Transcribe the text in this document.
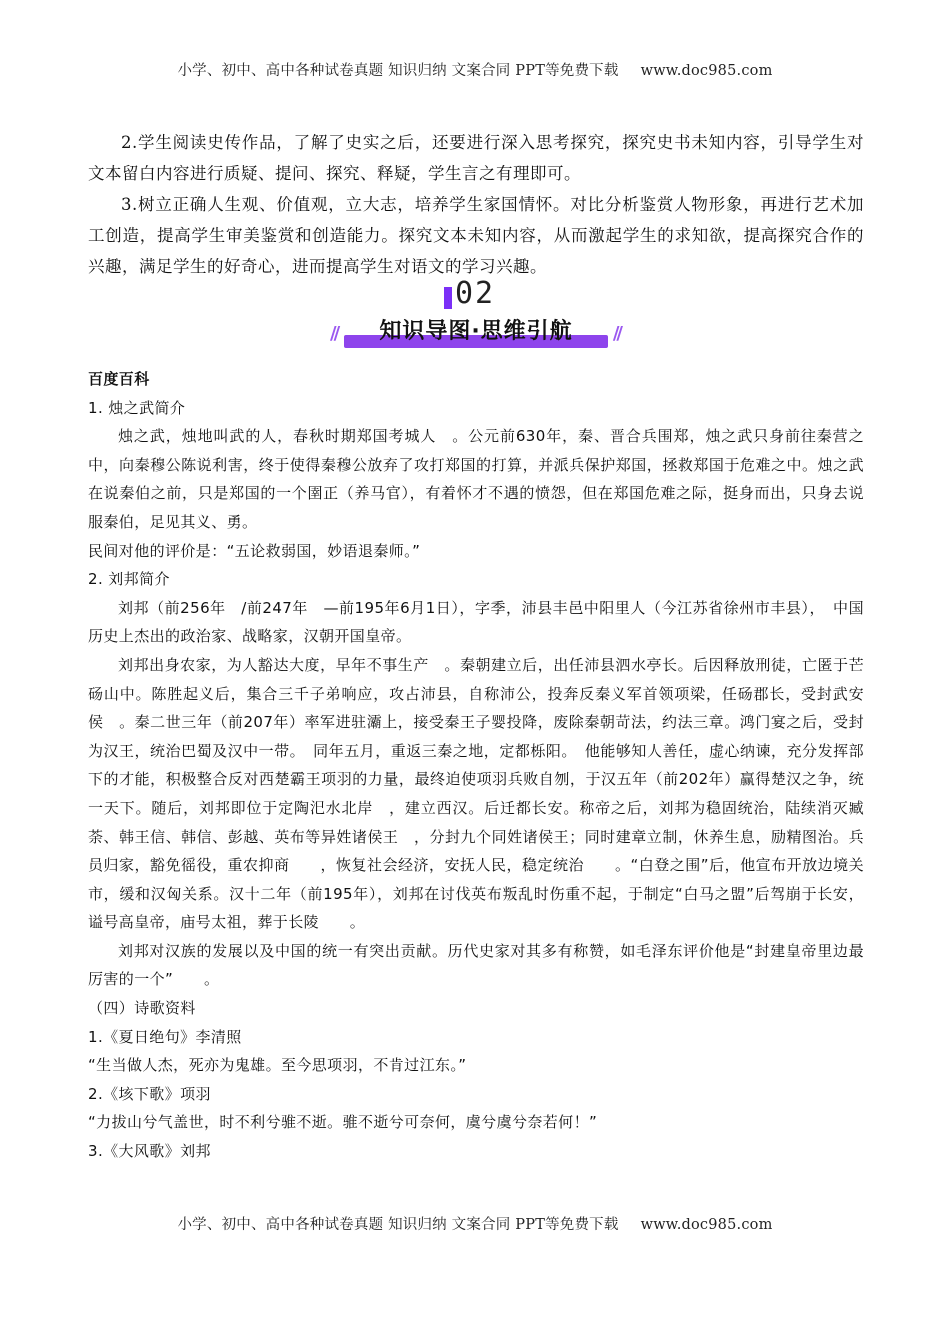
小学、初中、高中各种试卷真题 知识归纳 文案合同 PPT等免费下载 www.doc985.com

2.学生阅读史传作品，了解了史实之后，还要进行深入思考探究，探究史书未知内容，引导学生对文本留白内容进行质疑、提问、探究、释疑，学生言之有理即可。

3.树立正确人生观、价值观，立大志，培养学生家国情怀。对比分析鉴赏人物形象，再进行艺术加工创造，提高学生审美鉴赏和创造能力。探究文本未知内容，从而激起学生的求知欲，提高探究合作的兴趣，满足学生的好奇心，进而提高学生对语文的学习兴趣。

02
//	//
知识导图·思维引航

百度百科

1. 烛之武简介

烛之武，烛地叫武的人，春秋时期郑国考城人　。公元前630年，秦、晋合兵围郑，烛之武只身前往秦营之中，向秦穆公陈说利害，终于使得秦穆公放弃了攻打郑国的打算，并派兵保护郑国，拯救郑国于危难之中。烛之武在说秦伯之前，只是郑国的一个圉正（养马官），有着怀才不遇的愤怨，但在郑国危难之际，挺身而出，只身去说服秦伯，足见其义、勇。

民间对他的评价是：“五论救弱国，妙语退秦师。”

2. 刘邦简介

刘邦（前256年　/前247年　—前195年6月1日），字季，沛县丰邑中阳里人（今江苏省徐州市丰县），　中国历史上杰出的政治家、战略家，汉朝开国皇帝。

刘邦出身农家，为人豁达大度，早年不事生产　。秦朝建立后，出任沛县泗水亭长。后因释放刑徒，亡匿于芒砀山中。陈胜起义后，集合三千子弟响应，攻占沛县，自称沛公，投奔反秦义军首领项梁，任砀郡长，受封武安侯　。秦二世三年（前207年）率军进驻灞上，接受秦王子婴投降，废除秦朝苛法，约法三章。鸿门宴之后，受封为汉王，统治巴蜀及汉中一带。　同年五月，重返三秦之地，定都栎阳。　他能够知人善任，虚心纳谏，充分发挥部下的才能，积极整合反对西楚霸王项羽的力量，最终迫使项羽兵败自刎，于汉五年（前202年）赢得楚汉之争，统一天下。随后，刘邦即位于定陶汜水北岸　，建立西汉。后迁都长安。称帝之后，刘邦为稳固统治，陆续消灭臧荼、韩王信、韩信、彭越、英布等异姓诸侯王　，分封九个同姓诸侯王；同时建章立制，休养生息，励精图治。兵员归家，豁免徭役，重农抑商　　，恢复社会经济，安抚人民，稳定统治　　。“白登之围”后，他宣布开放边境关市，缓和汉匈关系。汉十二年（前195年），刘邦在讨伐英布叛乱时伤重不起，于制定“白马之盟”后驾崩于长安，谥号高皇帝，庙号太祖，葬于长陵　　。

刘邦对汉族的发展以及中国的统一有突出贡献。历代史家对其多有称赞，如毛泽东评价他是“封建皇帝里边最厉害的一个”　　。

（四）诗歌资料

1.《夏日绝句》李清照

“生当做人杰，死亦为鬼雄。至今思项羽，不肯过江东。”

2.《垓下歌》项羽

“力拔山兮气盖世，时不利兮骓不逝。骓不逝兮可奈何，虞兮虞兮奈若何！”

3.《大风歌》刘邦

小学、初中、高中各种试卷真题 知识归纳 文案合同 PPT等免费下载 www.doc985.com
